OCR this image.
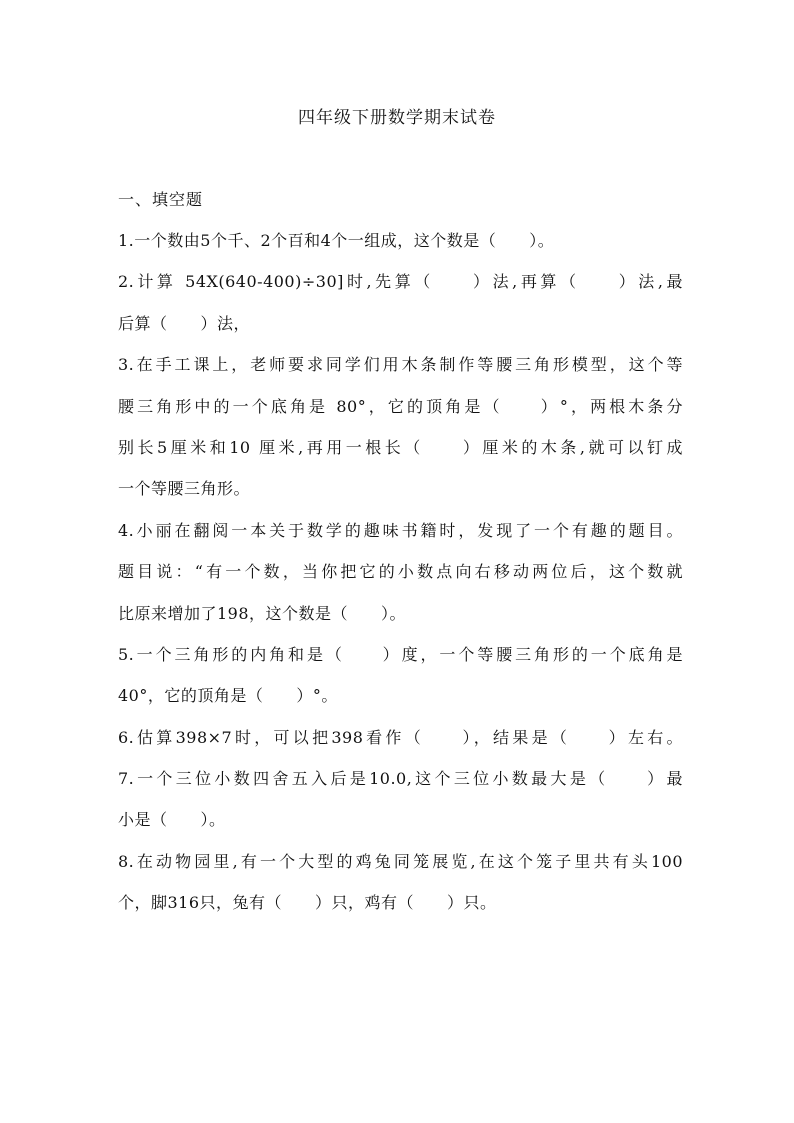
四年级下册数学期末试卷
一、填空题
1.一个数由5个千、2个百和4个一组成，这个数是（　　）。
2.计算 54X(640-400)÷30]时,先算（　　）法,再算（　　）法,最
后算（　　）法，
3.在手工课上，老师要求同学们用木条制作等腰三角形模型，这个等
腰三角形中的一个底角是 80°，它的顶角是（　　）°，两根木条分
别长5厘米和10 厘米,再用一根长（　　）厘米的木条,就可以钉成
一个等腰三角形。
4.小丽在翻阅一本关于数学的趣味书籍时，发现了一个有趣的题目。
题目说：“有一个数，当你把它的小数点向右移动两位后，这个数就
比原来增加了198，这个数是（　　）。
5.一个三角形的内角和是（　　）度，一个等腰三角形的一个底角是
40°，它的顶角是（　　）°。
6.估算398×7时，可以把398看作（　　），结果是（　　）左右。
7.一个三位小数四舍五入后是10.0,这个三位小数最大是（　　）最
小是（　　）。
8.在动物园里,有一个大型的鸡兔同笼展览,在这个笼子里共有头100
个，脚316只，兔有（　　）只，鸡有（　　）只。
